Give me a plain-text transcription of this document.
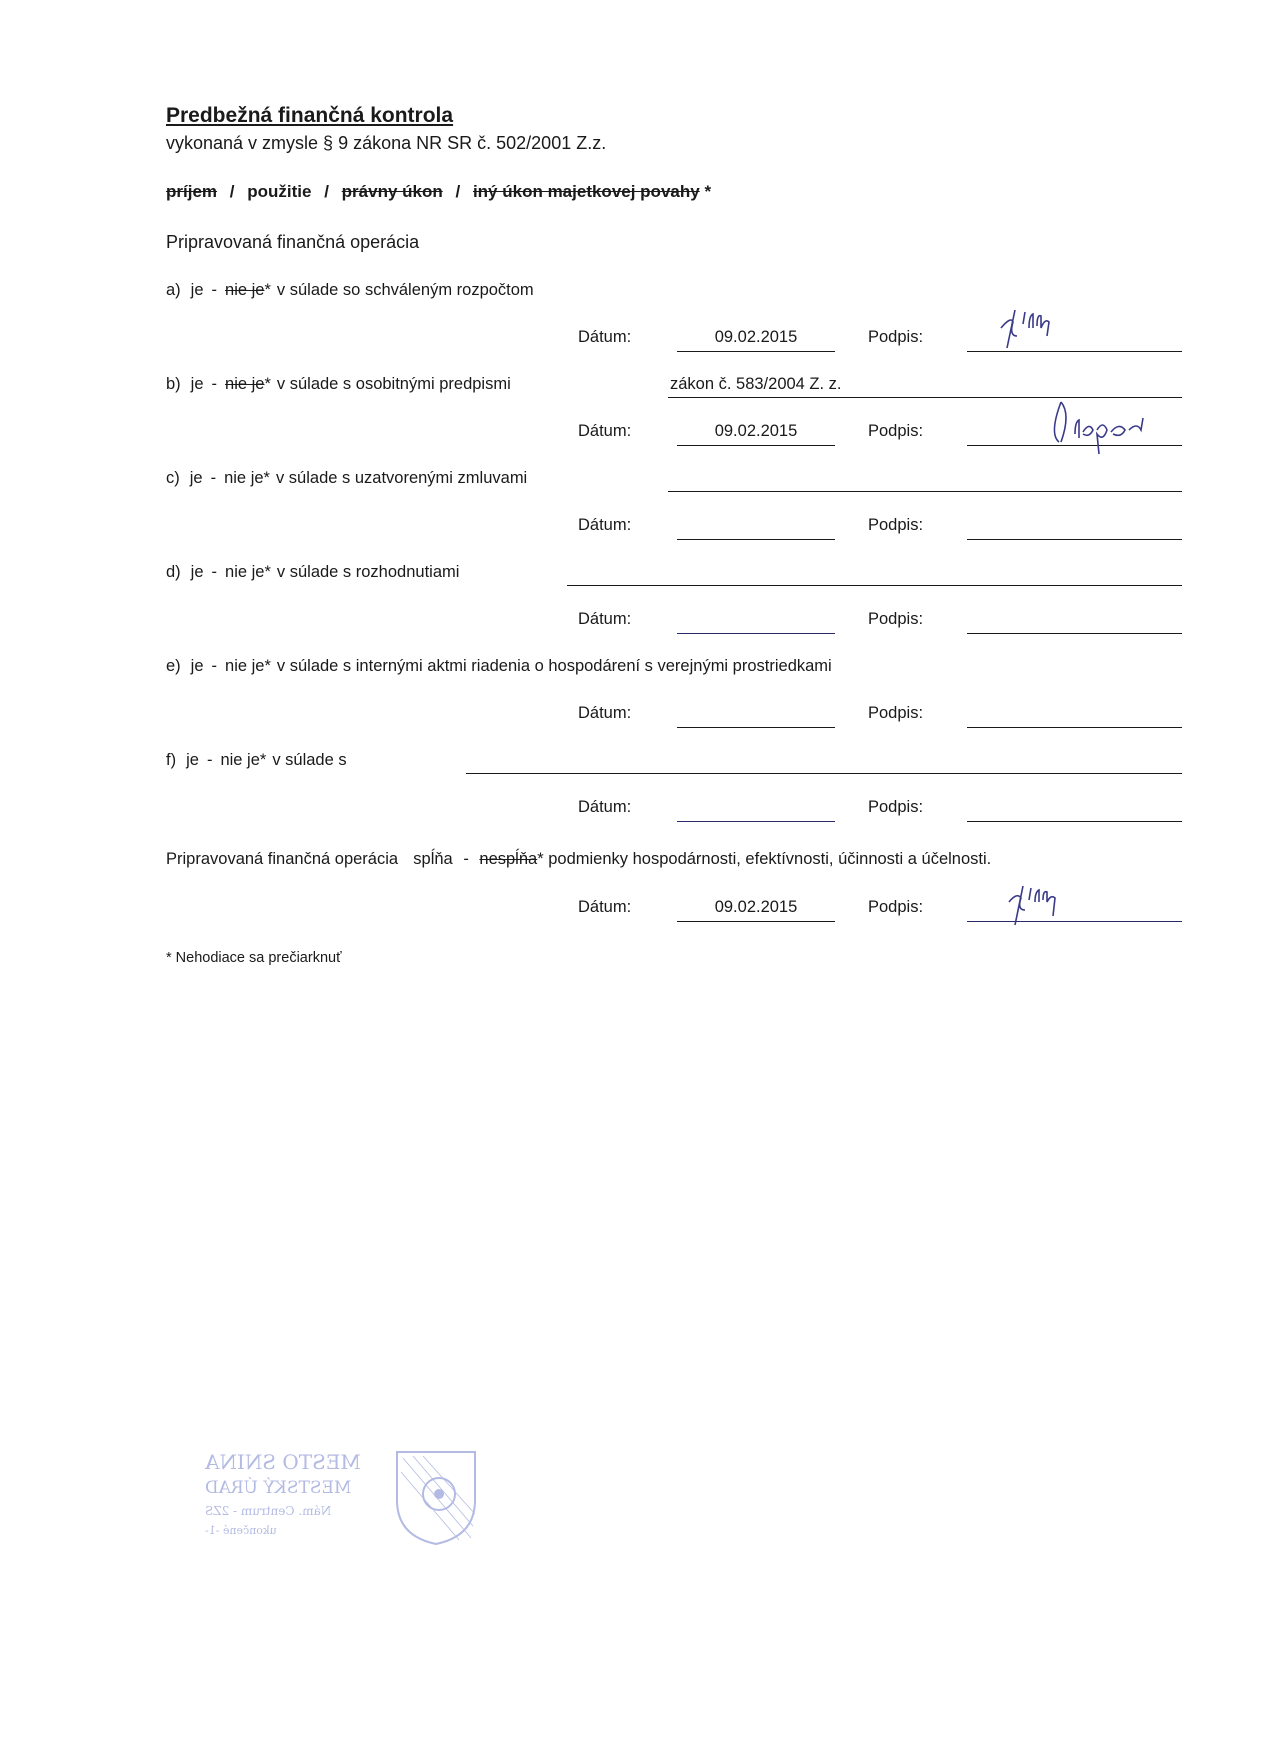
Predbežná finančná kontrola
vykonaná v zmysle § 9 zákona NR SR č. 502/2001 Z.z.
príjem / použitie / právny úkon / iný úkon majetkovej povahy *
Pripravovaná finančná operácia
a) je - nie je* v súlade so schváleným rozpočtom
Dátum:	09.02.2015	Podpis:
b) je - nie je* v súlade s osobitnými predpismi	zákon č. 583/2004 Z. z.
Dátum:	09.02.2015	Podpis:
c) je - nie je* v súlade s uzatvorenými zmluvami
Dátum:	Podpis:
d) je - nie je* v súlade s rozhodnutiami
Dátum:	Podpis:
e) je - nie je* v súlade s internými aktmi riadenia o hospodárení s verejnými prostriedkami
Dátum:	Podpis:
f) je - nie je* v súlade s
Dátum:	Podpis:
Pripravovaná finančná operácia spĺňa - nespĺňa* podmienky hospodárnosti, efektívnosti, účinnosti a účelnosti.
Dátum:	09.02.2015	Podpis:
* Nehodiace sa prečiarknuť
MESTO SNINA
MESTSKÝ ÚRAD
Nám. Centrum - 2ZS
ukončené -1-
